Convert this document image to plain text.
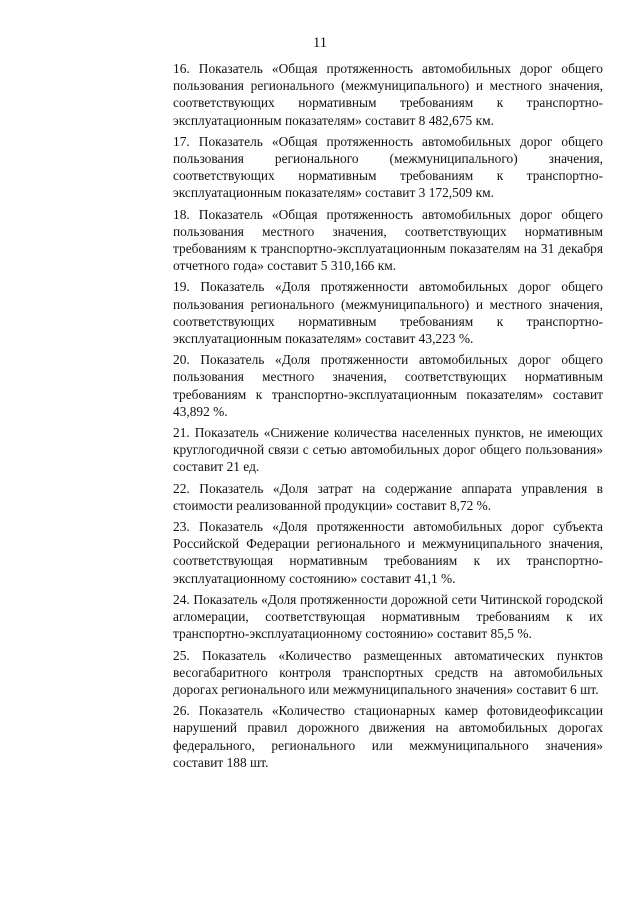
11

16. Показатель «Общая протяженность автомобильных дорог общего пользования регионального (межмуниципального) и местного значения, соответствующих нормативным требованиям к транспортно-эксплуатационным показателям» составит 8 482,675 км.

17. Показатель «Общая протяженность автомобильных дорог общего пользования регионального (межмуниципального) значения, соответствующих нормативным требованиям к транспортно-эксплуатационным показателям» составит 3 172,509 км.

18. Показатель «Общая протяженность автомобильных дорог общего пользования местного значения, соответствующих нормативным требованиям к транспортно-эксплуатационным показателям на 31 декабря отчетного года» составит 5 310,166 км.

19. Показатель «Доля протяженности автомобильных дорог общего пользования регионального (межмуниципального) и местного значения, соответствующих нормативным требованиям к транспортно-эксплуатационным показателям» составит 43,223 %.

20. Показатель «Доля протяженности автомобильных дорог общего пользования местного значения, соответствующих нормативным требованиям к транспортно-эксплуатационным показателям» составит 43,892 %.

21. Показатель «Снижение количества населенных пунктов, не имеющих круглогодичной связи с сетью автомобильных дорог общего пользования» составит 21 ед.

22. Показатель «Доля затрат на содержание аппарата управления в стоимости реализованной продукции» составит 8,72 %.

23. Показатель «Доля протяженности автомобильных дорог субъекта Российской Федерации регионального и межмуниципального значения, соответствующая нормативным требованиям к их транспортно-эксплуатационному состоянию» составит 41,1 %.

24. Показатель «Доля протяженности дорожной сети Читинской городской агломерации, соответствующая нормативным требованиям к их транспортно-эксплуатационному состоянию» составит 85,5 %.

25. Показатель «Количество размещенных автоматических пунктов весогабаритного контроля транспортных средств на автомобильных дорогах регионального или межмуниципального значения» составит 6 шт.

26. Показатель «Количество стационарных камер фотовидеофиксации нарушений правил дорожного движения на автомобильных дорогах федерального, регионального или межмуниципального значения» составит 188 шт.
